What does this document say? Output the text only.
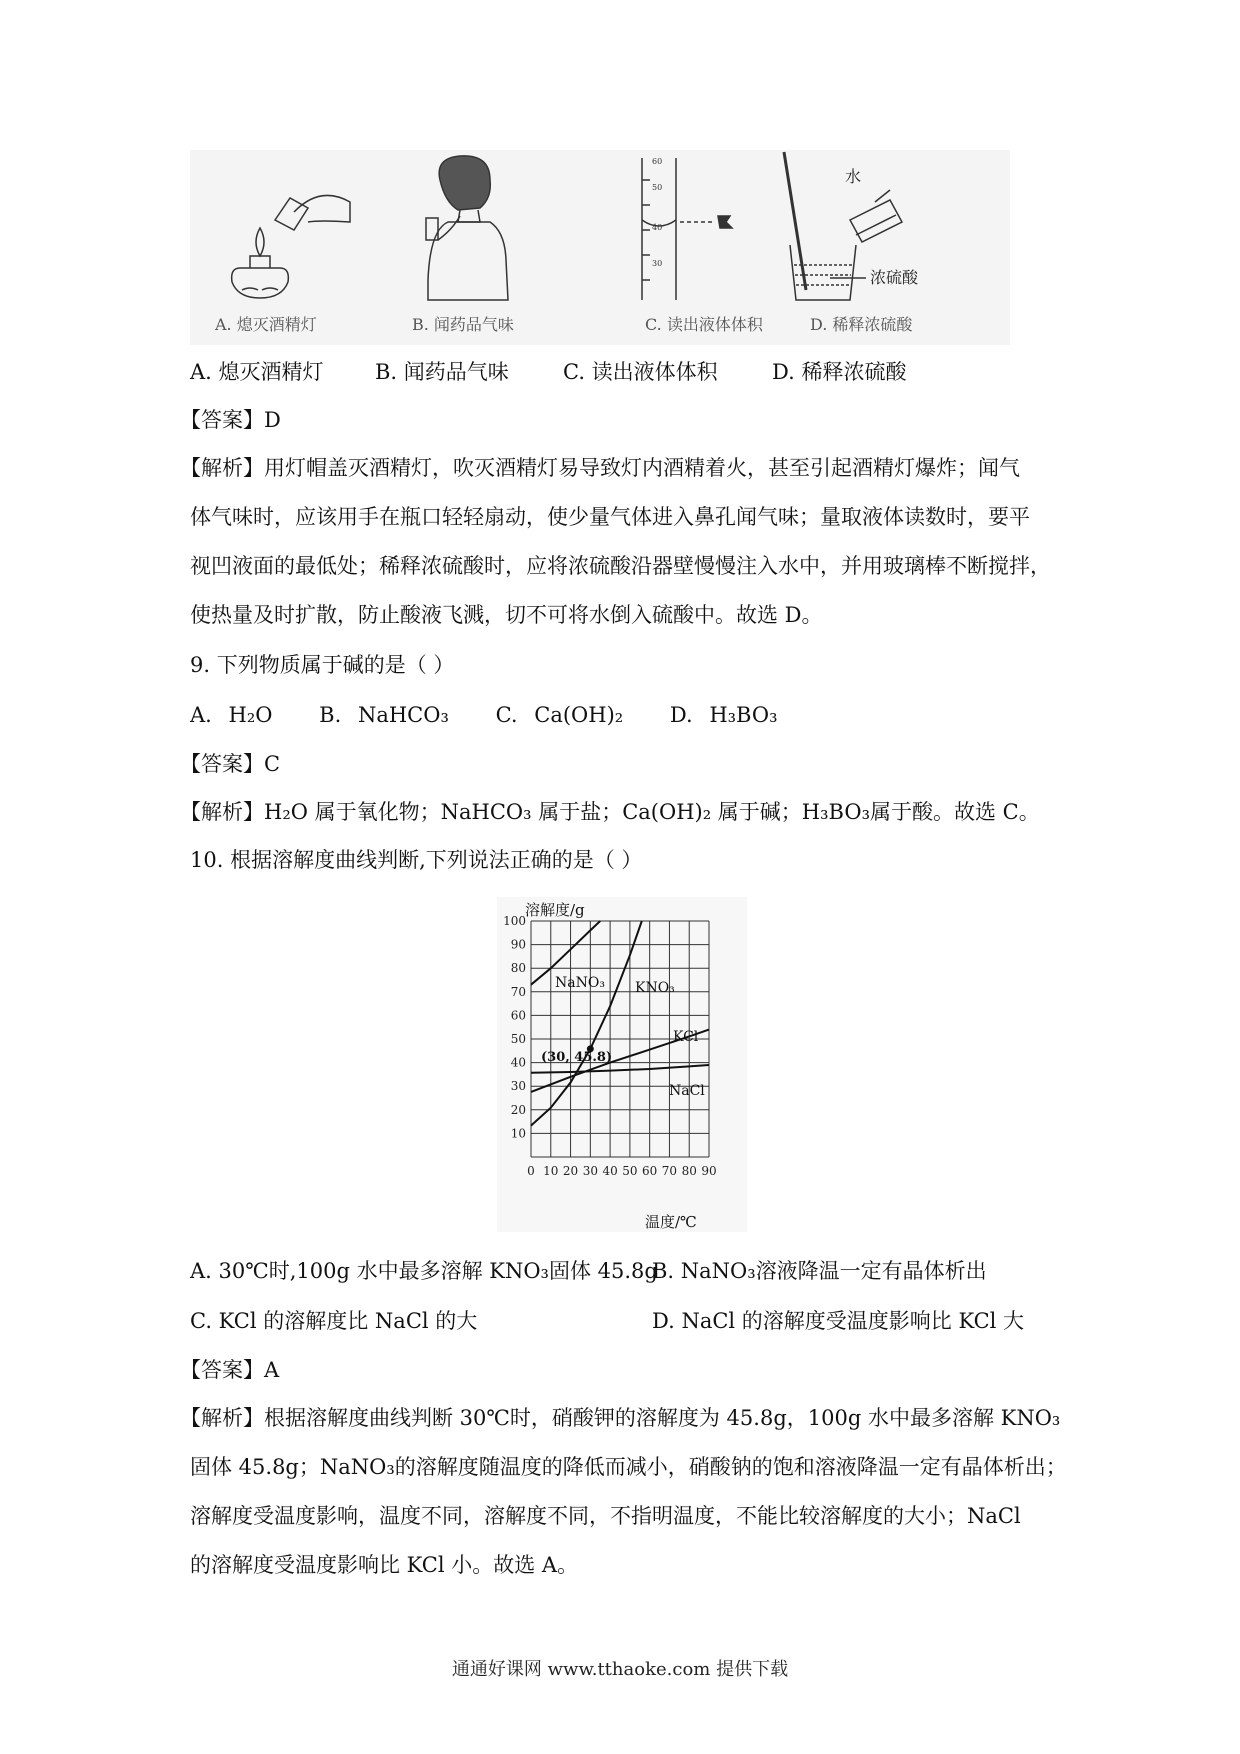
A. 熄灭酒精灯	B. 闻药品气味
60
50
40
30
C. 读出液体体积
水
浓硫酸
D. 稀释浓硫酸
A. 熄灭酒精灯 B. 闻药品气味	C. 读出液体体积	D. 稀释浓硫酸
【答案】D
【解析】用灯帽盖灭酒精灯，吹灭酒精灯易导致灯内酒精着火，甚至引起酒精灯爆炸；闻气
体气味时，应该用手在瓶口轻轻扇动，使少量气体进入鼻孔闻气味；量取液体读数时，要平
视凹液面的最低处；稀释浓硫酸时，应将浓硫酸沿器壁慢慢注入水中，并用玻璃棒不断搅拌，
使热量及时扩散，防止酸液飞溅，切不可将水倒入硫酸中。故选 D。
9. 下列物质属于碱的是（ ）
A. H₂O B. NaHCO₃ C. Ca(OH)₂ D. H₃BO₃
【答案】C
【解析】H₂O 属于氧化物；NaHCO₃ 属于盐；Ca(OH)₂ 属于碱；H₃BO₃属于酸。故选 C。
10. 根据溶解度曲线判断,下列说法正确的是（ ）
0 10 20 30 40 50 60 70 80 90
100
90
80
70
60
50
40
30
20
10
溶解度/g
温度/℃
NaNO₃ KNO₃
KCl
NaCl
(30, 45.8)
A. 30℃时,100g 水中最多溶解 KNO₃固体 45.8g
B. NaNO₃溶液降温一定有晶体析出
C. KCl 的溶解度比 NaCl 的大	D. NaCl 的溶解度受温度影响比 KCl 大
【答案】A
【解析】根据溶解度曲线判断 30℃时，硝酸钾的溶解度为 45.8g，100g 水中最多溶解 KNO₃
固体 45.8g；NaNO₃的溶解度随温度的降低而减小，硝酸钠的饱和溶液降温一定有晶体析出；
溶解度受温度影响，温度不同，溶解度不同，不指明温度，不能比较溶解度的大小；NaCl
的溶解度受温度影响比 KCl 小。故选 A。
通通好课网 www.tthaoke.com 提供下载
